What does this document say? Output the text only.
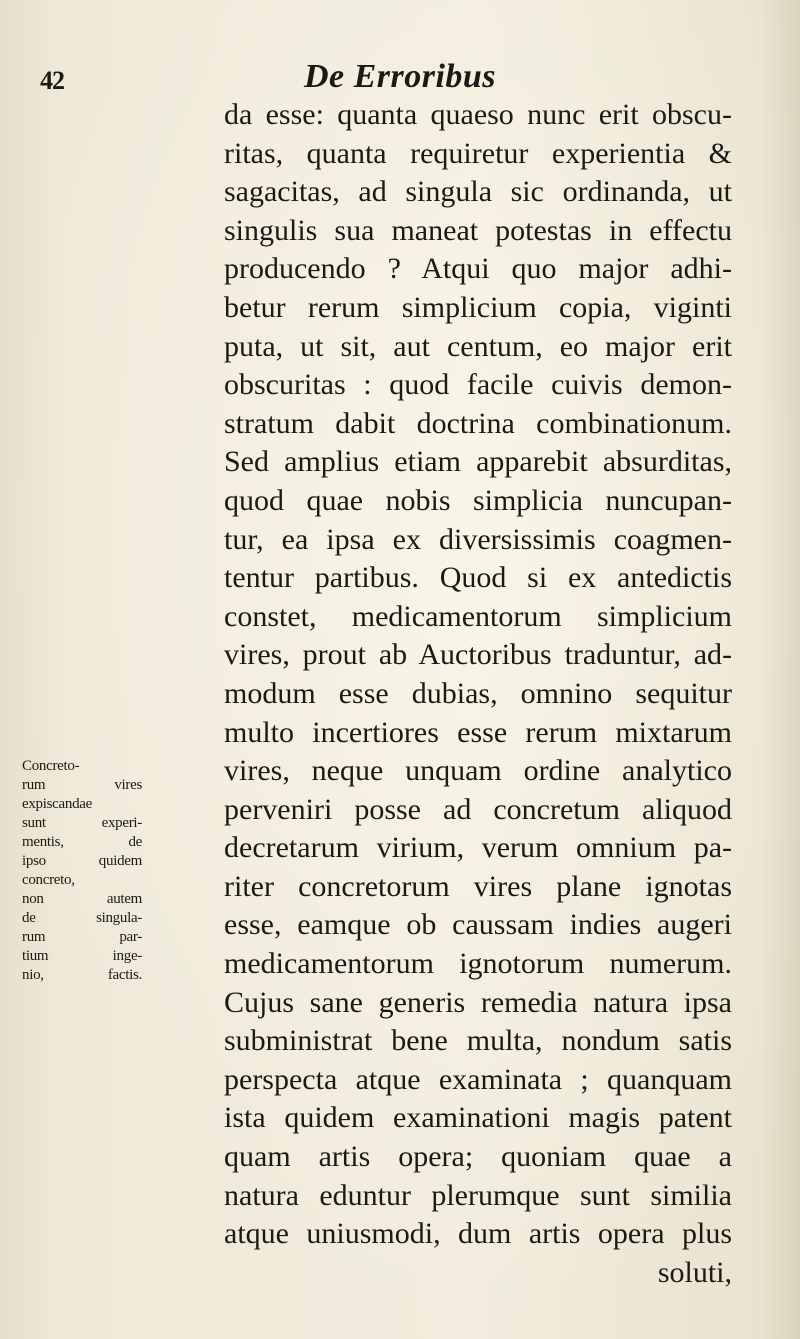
42	De Erroribus
da esse: quanta quaeso nunc erit obscu-
ritas, quanta requiretur experientia &
sagacitas, ad singula sic ordinanda, ut
singulis sua maneat potestas in effectu
producendo ? Atqui quo major adhi-
betur rerum simplicium copia, viginti
puta, ut sit, aut centum, eo major erit
obscuritas : quod facile cuivis demon-
stratum dabit doctrina combinationum.
Sed amplius etiam apparebit absurditas,
quod quae nobis simplicia nuncupan-
tur, ea ipsa ex diversissimis coagmen-
tentur partibus. Quod si ex antedictis
constet, medicamentorum simplicium
vires, prout ab Auctoribus traduntur, ad-
modum esse dubias, omnino sequitur
multo incertiores esse rerum mixtarum
vires, neque unquam ordine analytico
perveniri posse ad concretum aliquod
decretarum virium, verum omnium pa-
riter concretorum vires plane ignotas
esse, eamque ob caussam indies augeri
medicamentorum ignotorum numerum.
Cujus sane generis remedia natura ipsa
subministrat bene multa, nondum satis
perspecta atque examinata ; quanquam
ista quidem examinationi magis patent
quam artis opera; quoniam quae a
natura eduntur plerumque sunt similia
atque uniusmodi, dum artis opera plus
soluti,
Concreto-
rum vires
expiscandae
sunt experi-
mentis, de
ipso quidem
concreto,
non autem
de singula-
rum par-
tium inge-
nio, factis.
